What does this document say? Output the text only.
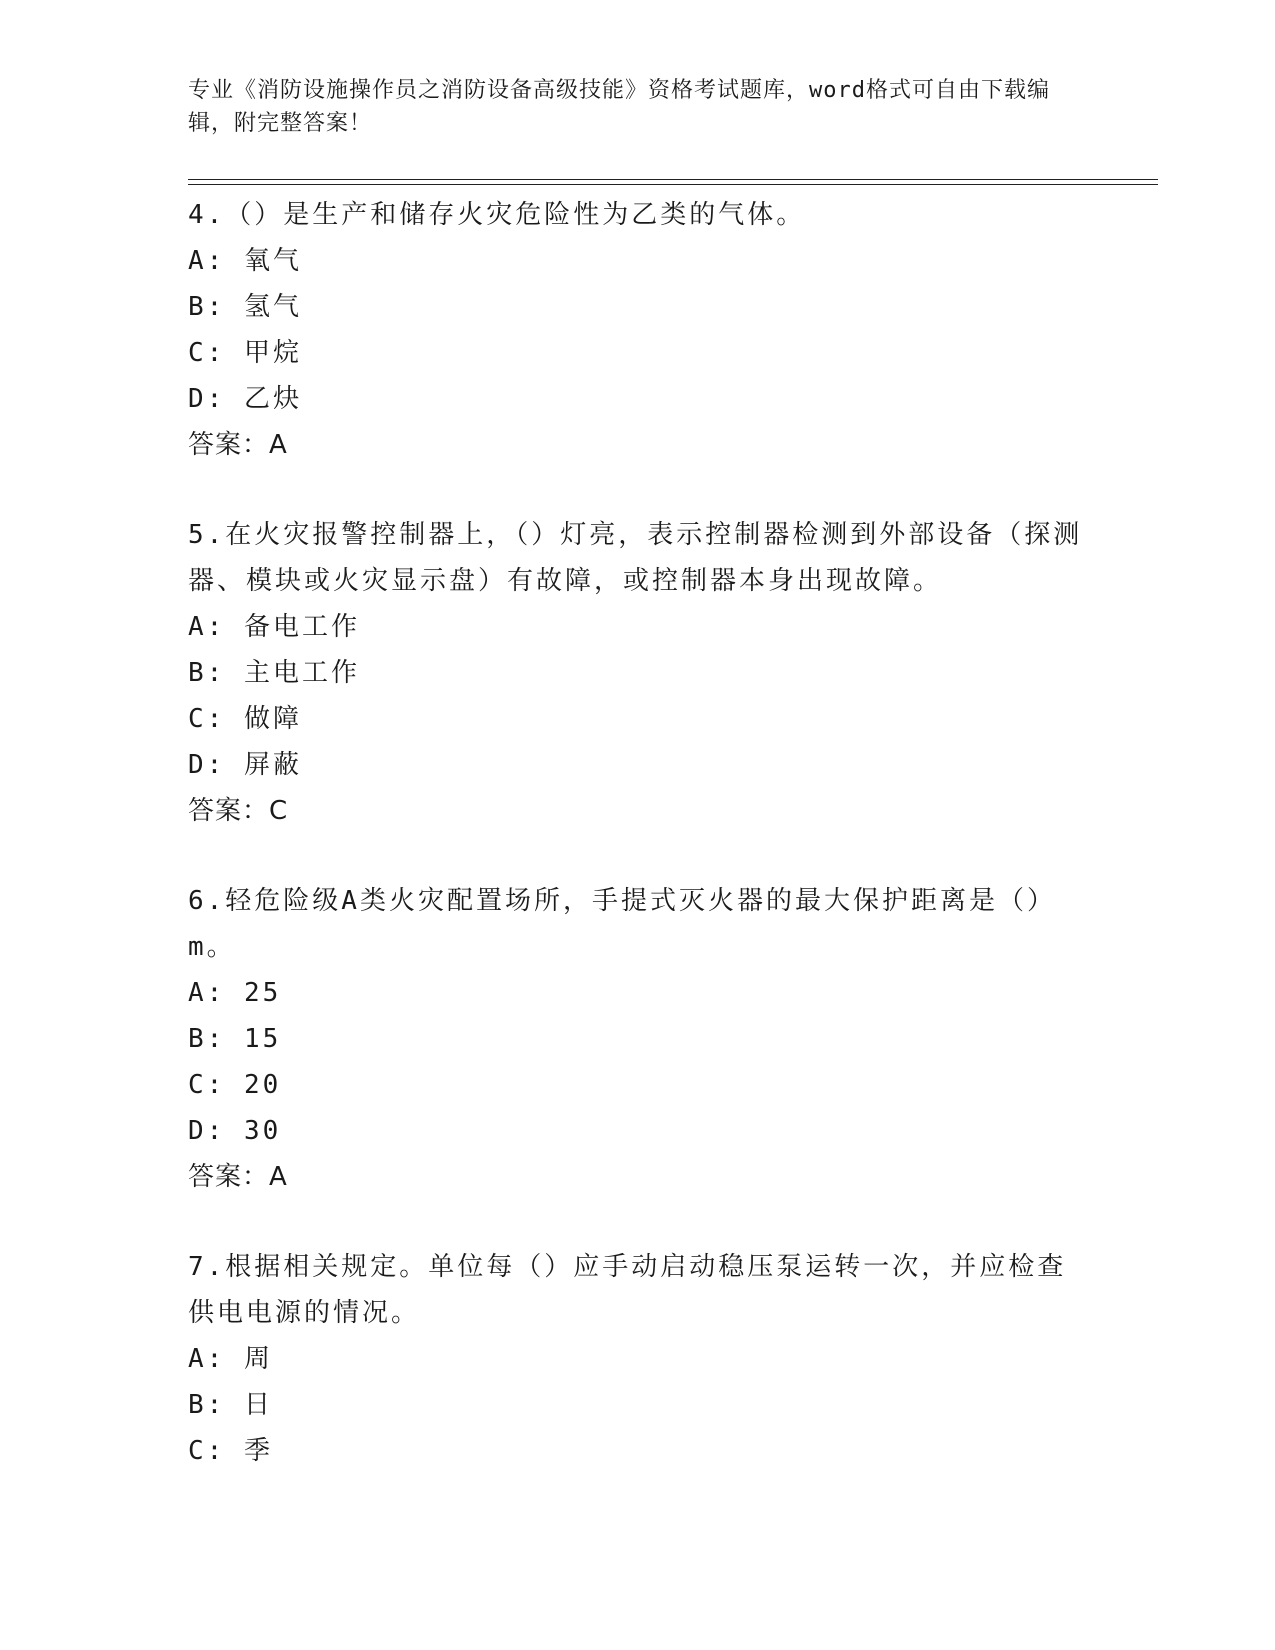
专业《消防设施操作员之消防设备高级技能》资格考试题库，word格式可自由下载编辑，附完整答案！

4.（）是生产和储存火灾危险性为乙类的气体。

A: 氧气

B: 氢气

C: 甲烷

D: 乙炔

答案：A

5.在火灾报警控制器上，（）灯亮，表示控制器检测到外部设备（探测器、模块或火灾显示盘）有故障，或控制器本身出现故障。

A: 备电工作

B: 主电工作

C: 做障

D: 屏蔽

答案：C

6.轻危险级A类火灾配置场所，手提式灭火器的最大保护距离是（）m。

A: 25

B: 15

C: 20

D: 30

答案：A

7.根据相关规定。单位每（）应手动启动稳压泵运转一次，并应检查供电电源的情况。

A: 周

B: 日

C: 季
